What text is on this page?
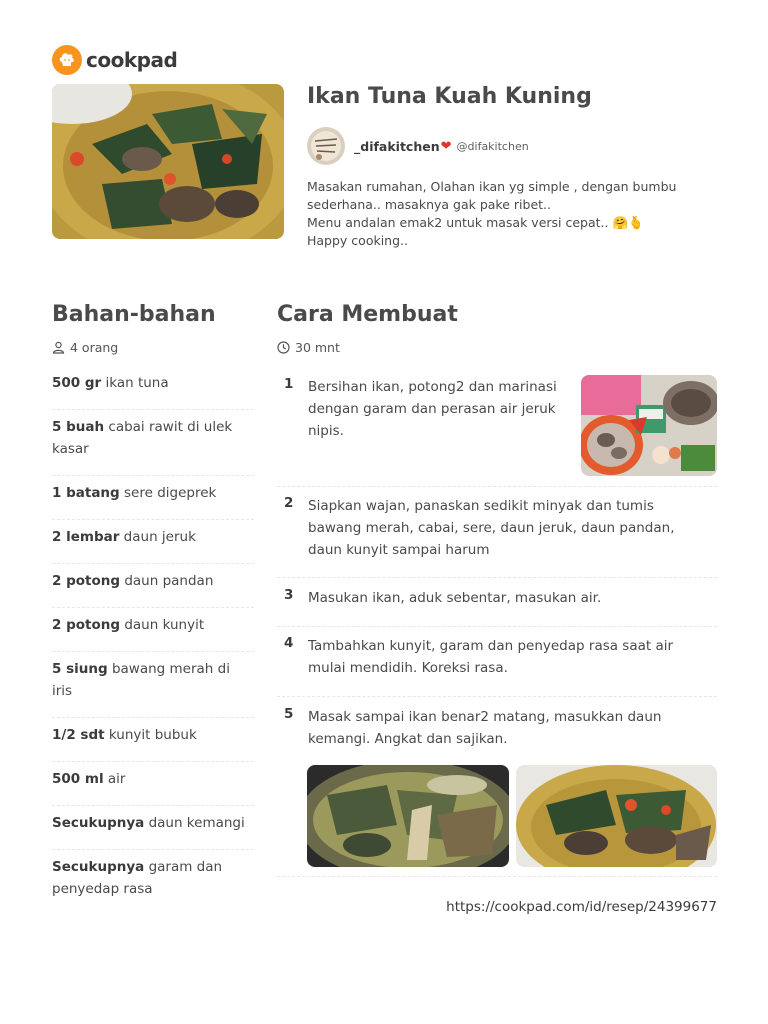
cookpad
Ikan Tuna Kuah Kuning
_difakitchen ❤ @difakitchen
Masakan rumahan, Olahan ikan yg simple , dengan bumbu
sederhana.. masaknya gak pake ribet..
Menu andalan emak2 untuk masak versi cepat.. 🤗🫰
Happy cooking..
Bahan-bahan
4 orang
500 gr ikan tuna
5 buah cabai rawit di ulek kasar
1 batang sere digeprek
2 lembar daun jeruk
2 potong daun pandan
2 potong daun kunyit
5 siung bawang merah di iris
1/2 sdt kunyit bubuk
500 ml air
Secukupnya daun kemangi
Secukupnya garam dan penyedap rasa
Cara Membuat
30 mnt
1 Bersihan ikan, potong2 dan marinasi
dengan garam dan perasan air jeruk
nipis.
2 Siapkan wajan, panaskan sedikit minyak dan tumis
bawang merah, cabai, sere, daun jeruk, daun pandan,
daun kunyit sampai harum
3 Masukan ikan, aduk sebentar, masukan air.
4 Tambahkan kunyit, garam dan penyedap rasa saat air
mulai mendidih. Koreksi rasa.
5 Masak sampai ikan benar2 matang, masukkan daun
kemangi. Angkat dan sajikan.
https://cookpad.com/id/resep/24399677
